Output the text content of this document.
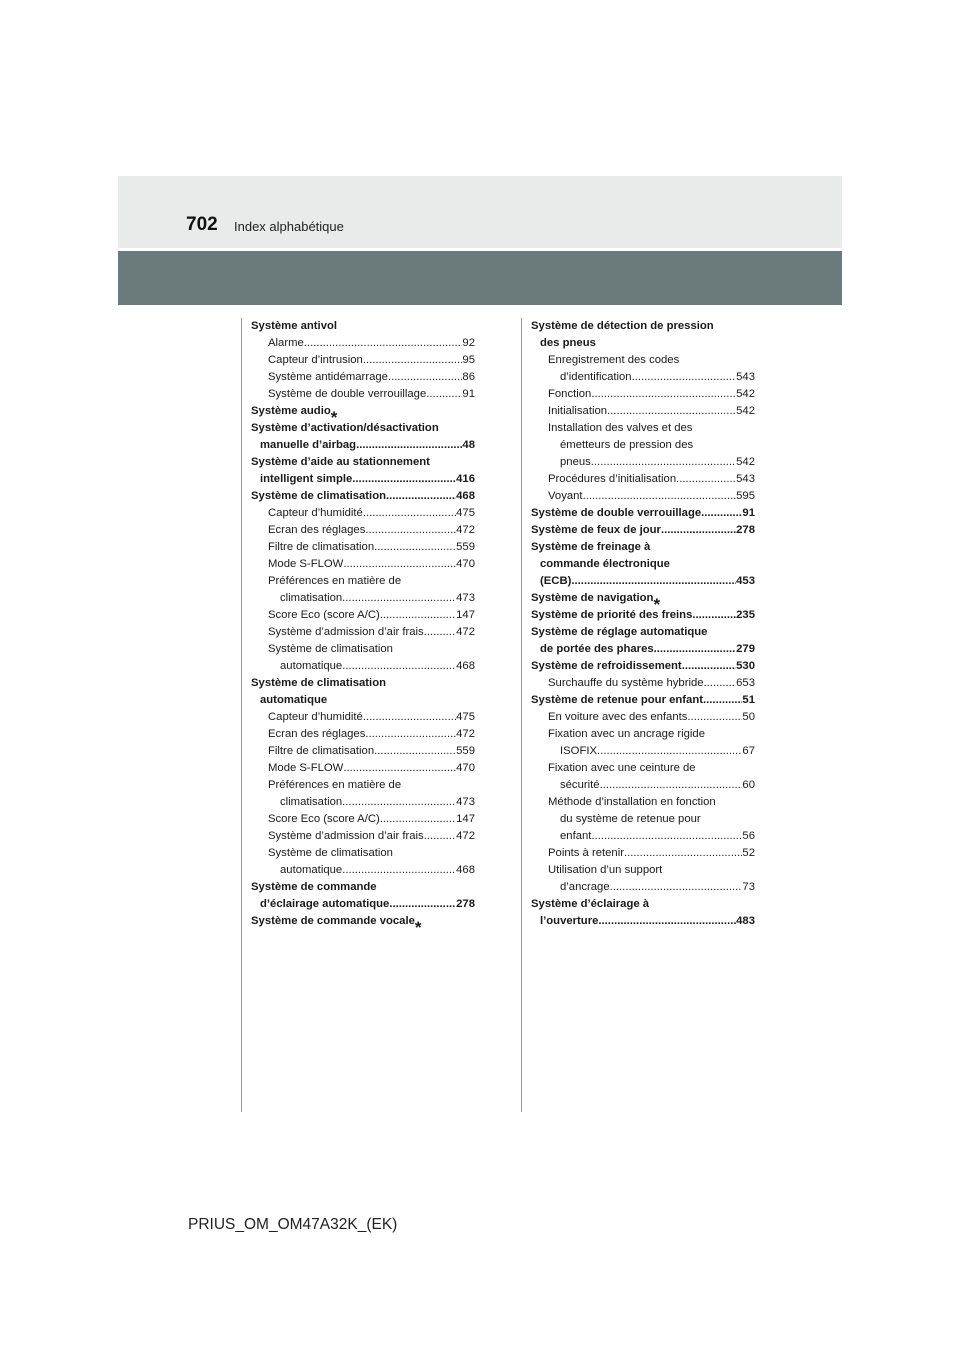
702 Index alphabétique
Système antivol
Alarme .....	92
Capteur d’intrusion .....	95
Système antidémarrage .....	86
Système de double verrouillage .....	91
Système audio *
Système d’activation/désactivation
manuelle d’airbag .....	48
Système d’aide au stationnement
intelligent simple .....	416
Système de climatisation .....	468
Capteur d’humidité .....	475
Ecran des réglages .....	472
Filtre de climatisation .....	559
Mode S-FLOW .....	470
Préférences en matière de
climatisation .....	473
Score Eco (score A/C) .....	147
Système d’admission d’air frais .....	472
Système de climatisation
automatique .....	468
Système de climatisation
automatique
Capteur d’humidité .....	475
Ecran des réglages .....	472
Filtre de climatisation .....	559
Mode S-FLOW .....	470
Préférences en matière de
climatisation .....	473
Score Eco (score A/C) .....	147
Système d’admission d’air frais .....	472
Système de climatisation
automatique .....	468
Système de commande
d’éclairage automatique .....	278
Système de commande vocale *
Système de détection de pression
des pneus
Enregistrement des codes
d’identification .....	543
Fonction .....	542
Initialisation .....	542
Installation des valves et des
émetteurs de pression des
pneus .....	542
Procédures d’initialisation .....	543
Voyant .....	595
Système de double verrouillage .....	91
Système de feux de jour .....	278
Système de freinage à
commande électronique
(ECB) .....	453
Système de navigation *
Système de priorité des freins .....	235
Système de réglage automatique
de portée des phares .....	279
Système de refroidissement .....	530
Surchauffe du système hybride .....	653
Système de retenue pour enfant .....	51
En voiture avec des enfants .....	50
Fixation avec un ancrage rigide
ISOFIX .....	67
Fixation avec une ceinture de
sécurité .....	60
Méthode d’installation en fonction
du système de retenue pour
enfant .....	56
Points à retenir .....	52
Utilisation d’un support
d’ancrage .....	73
Système d’éclairage à
l’ouverture .....	483
PRIUS_OM_OM47A32K_(EK)
